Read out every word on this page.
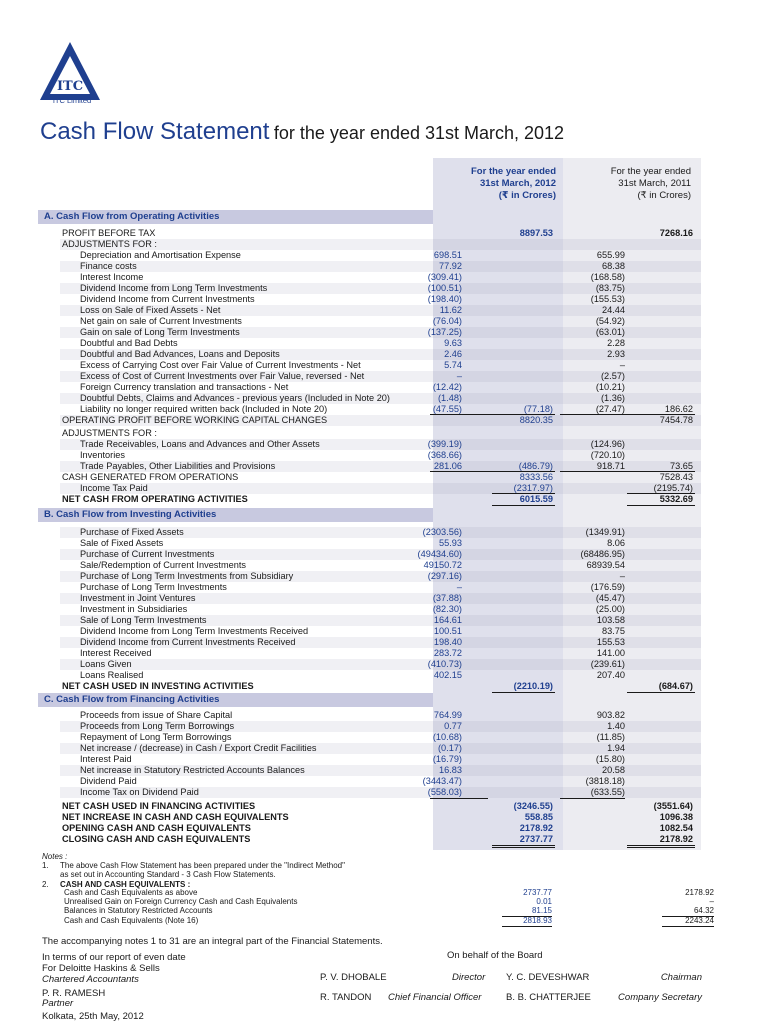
ITC
ITC Limited
Cash Flow Statement for the year ended 31st March, 2012
For the year ended
31st March, 2012
(₹ in Crores)
For the year ended
31st March, 2011
(₹ in Crores)
A. Cash Flow from Operating Activities
B. Cash Flow from Investing Activities
C. Cash Flow from Financing Activities
PROFIT BEFORE TAX	8897.53	7268.16
ADJUSTMENTS FOR :
Depreciation and Amortisation Expense	698.51	655.99
Finance costs	77.92	68.38
Interest Income	(309.41)	(168.58)
Dividend Income from Long Term Investments	(100.51)	(83.75)
Dividend Income from Current Investments	(198.40)	(155.53)
Loss on Sale of Fixed Assets - Net	11.62	24.44
Net gain on sale of Current Investments	(76.04)	(54.92)
Gain on sale of Long Term Investments	(137.25)	(63.01)
Doubtful and Bad Debts	9.63	2.28
Doubtful and Bad Advances, Loans and Deposits	2.46	2.93
Excess of Carrying Cost over Fair Value of Current Investments - Net	5.74	–
Excess of Cost of Current Investments over Fair Value, reversed - Net	–	(2.57)
Foreign Currency translation and transactions - Net	(12.42)	(10.21)
Doubtful Debts, Claims and Advances - previous years (Included in Note 20)	(1.48)	(1.36)
Liability no longer required written back (Included in Note 20)	(47.55)	(77.18)	(27.47)	186.62
OPERATING PROFIT BEFORE WORKING CAPITAL CHANGES	8820.35	7454.78
ADJUSTMENTS FOR :
Trade Receivables, Loans and Advances and Other Assets	(399.19)	(124.96)
Inventories	(368.66)	(720.10)
Trade Payables, Other Liabilities and Provisions	281.06	(486.79)	918.71	73.65
CASH GENERATED FROM OPERATIONS	8333.56	7528.43
Income Tax Paid	(2317.97)	(2195.74)
NET CASH FROM OPERATING ACTIVITIES	6015.59	5332.69
Purchase of Fixed Assets	(2303.56)	(1349.91)
Sale of Fixed Assets	55.93	8.06
Purchase of Current Investments	(49434.60)	(68486.95)
Sale/Redemption of Current Investments	49150.72	68939.54
Purchase of Long Term Investments from Subsidiary	(297.16)	–
Purchase of Long Term Investments	–	(176.59)
Investment in Joint Ventures	(37.88)	(45.47)
Investment in Subsidiaries	(82.30)	(25.00)
Sale of Long Term Investments	164.61	103.58
Dividend Income from Long Term Investments Received	100.51	83.75
Dividend Income from Current Investments Received	198.40	155.53
Interest Received	283.72	141.00
Loans Given	(410.73)	(239.61)
Loans Realised	402.15	207.40
NET CASH USED IN INVESTING ACTIVITIES	(2210.19)	(684.67)
Proceeds from issue of Share Capital	764.99	903.82
Proceeds from Long Term Borrowings	0.77	1.40
Repayment of Long Term Borrowings	(10.68)	(11.85)
Net increase / (decrease) in Cash / Export Credit Facilities	(0.17)	1.94
Interest Paid	(16.79)	(15.80)
Net increase in Statutory Restricted Accounts Balances	16.83	20.58
Dividend Paid	(3443.47)	(3818.18)
Income Tax on Dividend Paid	(558.03)	(633.55)
NET CASH USED IN FINANCING ACTIVITIES	(3246.55)	(3551.64)
NET INCREASE IN CASH AND CASH EQUIVALENTS	558.85	1096.38
OPENING CASH AND CASH EQUIVALENTS	2178.92	1082.54
CLOSING CASH AND CASH EQUIVALENTS	2737.77	2178.92
Notes :
1. The above Cash Flow Statement has been prepared under the "Indirect Method"
as set out in Accounting Standard - 3 Cash Flow Statements.
2. CASH AND CASH EQUIVALENTS :
Cash and Cash Equivalents as above	2737.77	2178.92
Unrealised Gain on Foreign Currency Cash and Cash Equivalents	0.01	–
Balances in Statutory Restricted Accounts	81.15	64.32
Cash and Cash Equivalents (Note 16)	2818.93	2243.24
The accompanying notes 1 to 31 are an integral part of the Financial Statements.
In terms of our report of even date
For Deloitte Haskins & Sells
Chartered Accountants
P. R. RAMESH
Partner
Kolkata, 25th May, 2012
On behalf of the Board
P. V. DHOBALE	Director Y. C. DEVESHWAR	Chairman
R. TANDON Chief Financial Officer	B. B. CHATTERJEE	Company Secretary
